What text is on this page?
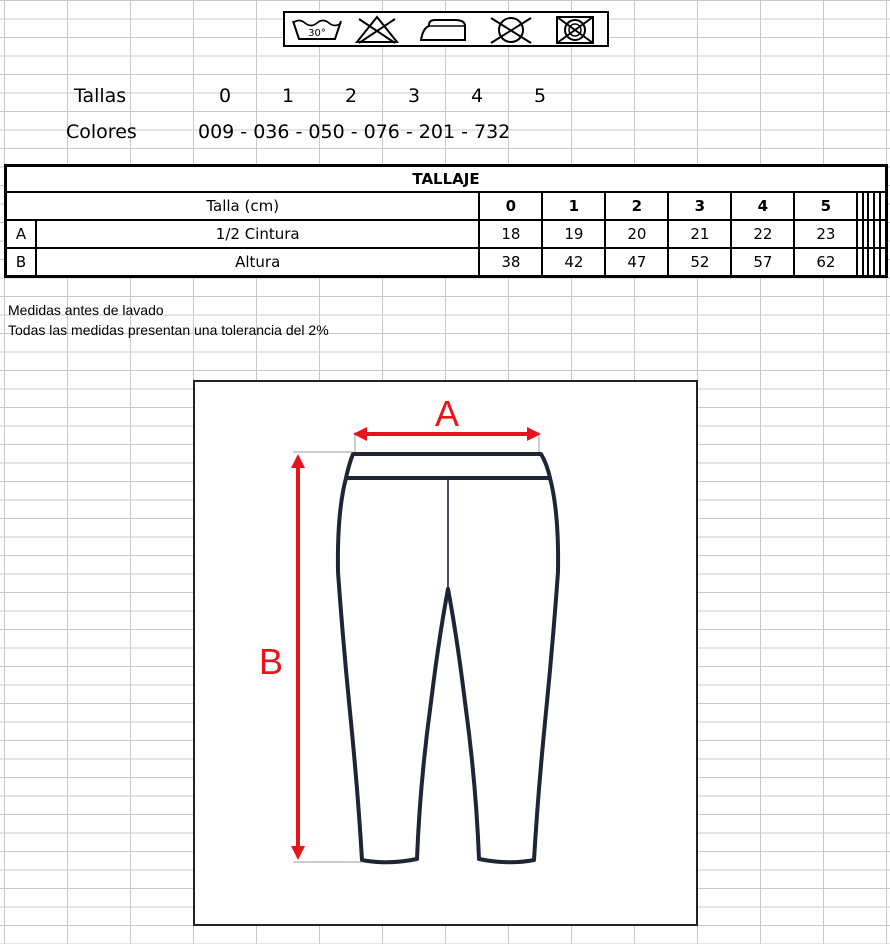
30°
Tallas	0	1	2	3	4	5
Colores	009 - 036 - 050 - 076 - 201 - 732
TALLAJE												
Talla (cm)		0	1	2	3	4	5					
A	1/2 Cintura	18	19	20	21	22	23					
B	Altura	38	42	47	52	57	62					
Medidas antes de lavado
Todas las medidas presentan una tolerancia del 2%
A
B
